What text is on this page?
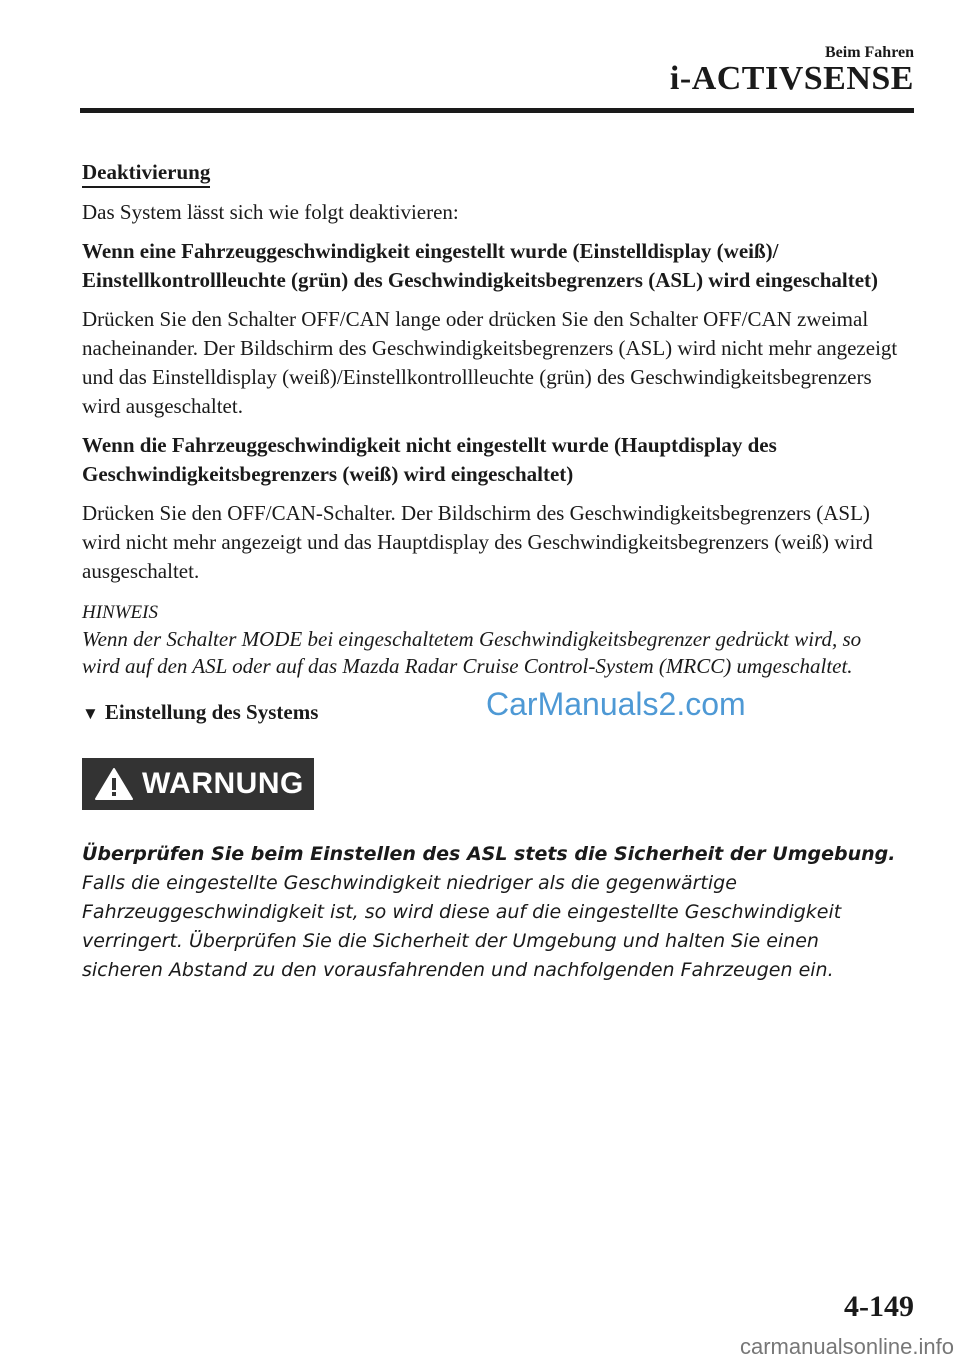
Beim Fahren
i-ACTIVSENSE
Deaktivierung

Das System lässt sich wie folgt deaktivieren:

Wenn eine Fahrzeuggeschwindigkeit eingestellt wurde (Einstelldisplay (weiß)/ Einstellkontrollleuchte (grün) des Geschwindigkeitsbegrenzers (ASL) wird eingeschaltet)

Drücken Sie den Schalter OFF/CAN lange oder drücken Sie den Schalter OFF/CAN zweimal nacheinander. Der Bildschirm des Geschwindigkeitsbegrenzers (ASL) wird nicht mehr angezeigt und das Einstelldisplay (weiß)/Einstellkontrollleuchte (grün) des Geschwindigkeitsbegrenzers wird ausgeschaltet.

Wenn die Fahrzeuggeschwindigkeit nicht eingestellt wurde (Hauptdisplay des Geschwindigkeitsbegrenzers (weiß) wird eingeschaltet)

Drücken Sie den OFF/CAN-Schalter. Der Bildschirm des Geschwindigkeitsbegrenzers (ASL) wird nicht mehr angezeigt und das Hauptdisplay des Geschwindigkeitsbegrenzers (weiß) wird ausgeschaltet.

HINWEIS

Wenn der Schalter MODE bei eingeschaltetem Geschwindigkeitsbegrenzer gedrückt wird, so wird auf den ASL oder auf das Mazda Radar Cruise Control-System (MRCC) umgeschaltet.

▼ Einstellung des Systems
WARNUNG
Überprüfen Sie beim Einstellen des ASL stets die Sicherheit der Umgebung.
Falls die eingestellte Geschwindigkeit niedriger als die gegenwärtige Fahrzeuggeschwindigkeit ist, so wird diese auf die eingestellte Geschwindigkeit verringert. Überprüfen Sie die Sicherheit der Umgebung und halten Sie einen sicheren Abstand zu den vorausfahrenden und nachfolgenden Fahrzeugen ein.
CarManuals2.com
4-149
carmanualsonline.info
